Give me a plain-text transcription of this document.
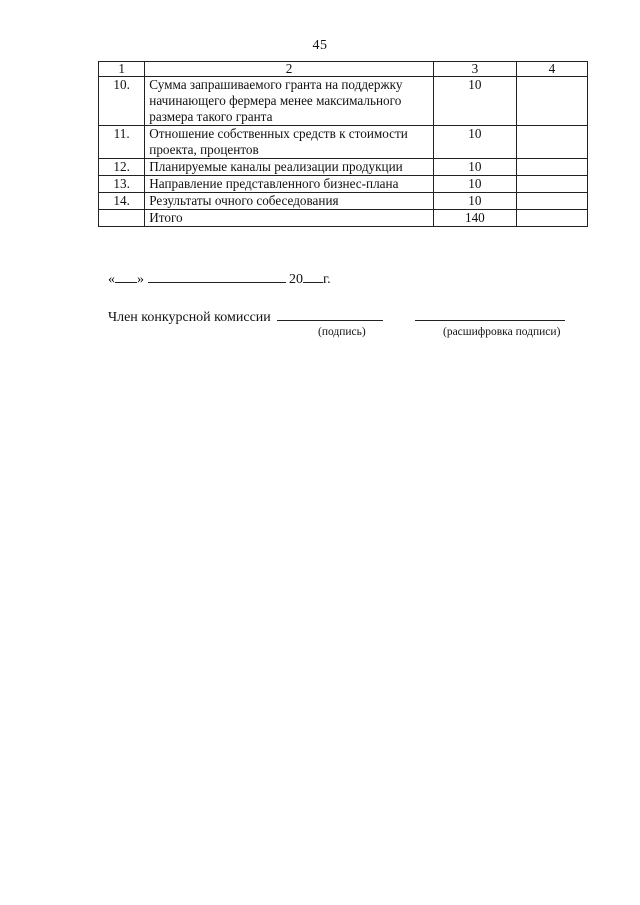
45
1	2	3	4
10.	Сумма запрашиваемого гранта на поддержку начинающего фермера менее максимального размера такого гранта	10	
11.	Отношение собственных средств к стоимости проекта, процентов	10	
12.	Планируемые каналы реализации продукции	10	
13.	Направление представленного бизнес-плана	10	
14.	Результаты очного собеседования	10	
	Итого	140	
« »	20 г.
Член конкурсной комиссии
(подпись)	(расшифровка подписи)
